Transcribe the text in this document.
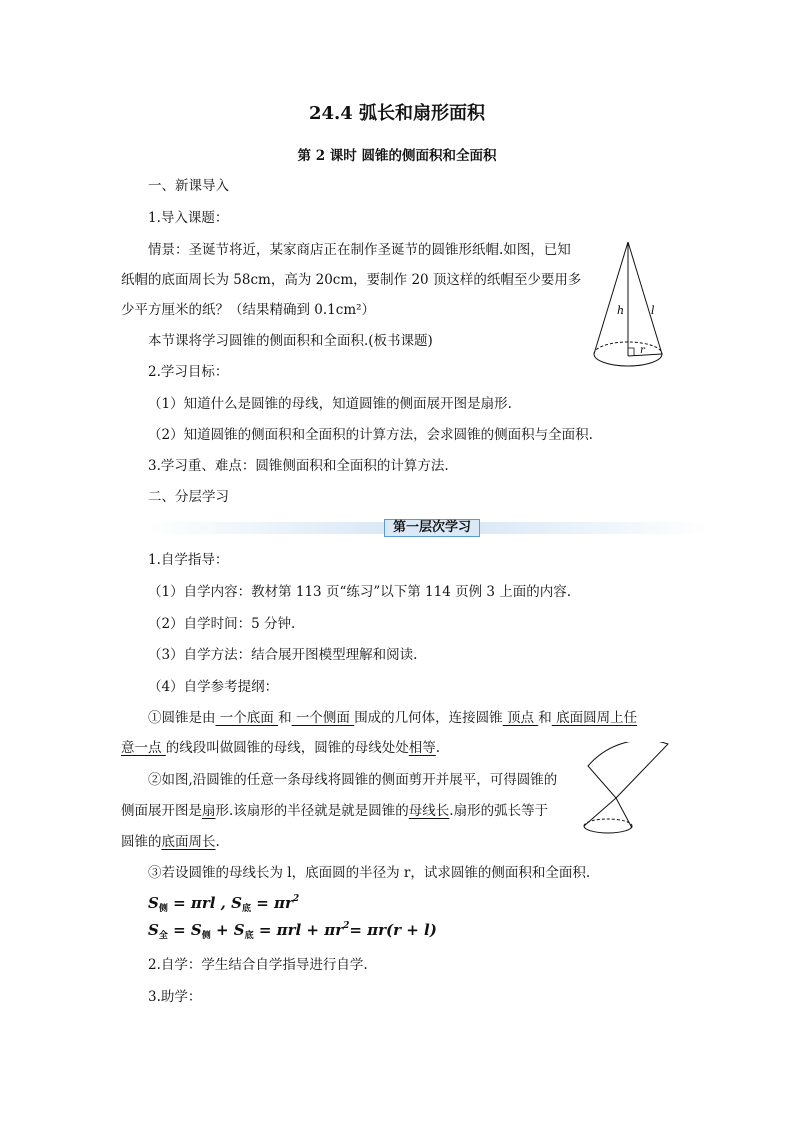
24.4 弧长和扇形面积
第 2 课时 圆锥的侧面积和全面积
一、新课导入
1.导入课题：
情景：圣诞节将近，某家商店正在制作圣诞节的圆锥形纸帽.如图，已知
纸帽的底面周长为 58cm，高为 20cm，要制作 20 顶这样的纸帽至少要用多
少平方厘米的纸？（结果精确到 0.1cm²）	h l
r
本节课将学习圆锥的侧面积和全面积.(板书课题)
2.学习目标：
（1）知道什么是圆锥的母线，知道圆锥的侧面展开图是扇形.
（2）知道圆锥的侧面积和全面积的计算方法，会求圆锥的侧面积与全面积.
3.学习重、难点：圆锥侧面积和全面积的计算方法.
二、分层学习
第一层次学习
1.自学指导：
（1）自学内容：教材第 113 页“练习”以下第 114 页例 3 上面的内容.
（2）自学时间：5 分钟.
（3）自学方法：结合展开图模型理解和阅读.
（4）自学参考提纲：
①圆锥是由 一个底面 和 一个侧面 围成的几何体，连接圆锥 顶点 和 底面圆周上任
意一点 的线段叫做圆锥的母线，圆锥的母线处处相等.
②如图,沿圆锥的任意一条母线将圆锥的侧面剪开并展平，可得圆锥的
侧面展开图是扇形.该扇形的半径就是就是圆锥的母线长.扇形的弧长等于
圆锥的底面周长.
③若设圆锥的母线长为 l，底面圆的半径为 r，试求圆锥的侧面积和全面积.
$S_侧 = \pi rl$ , $S_底 = \pi r^2$
$S_全 = S_侧 + S_底 = \pi rl + \pi r^2= \pi r(r + l)$
2.自学：学生结合自学指导进行自学.
3.助学：
